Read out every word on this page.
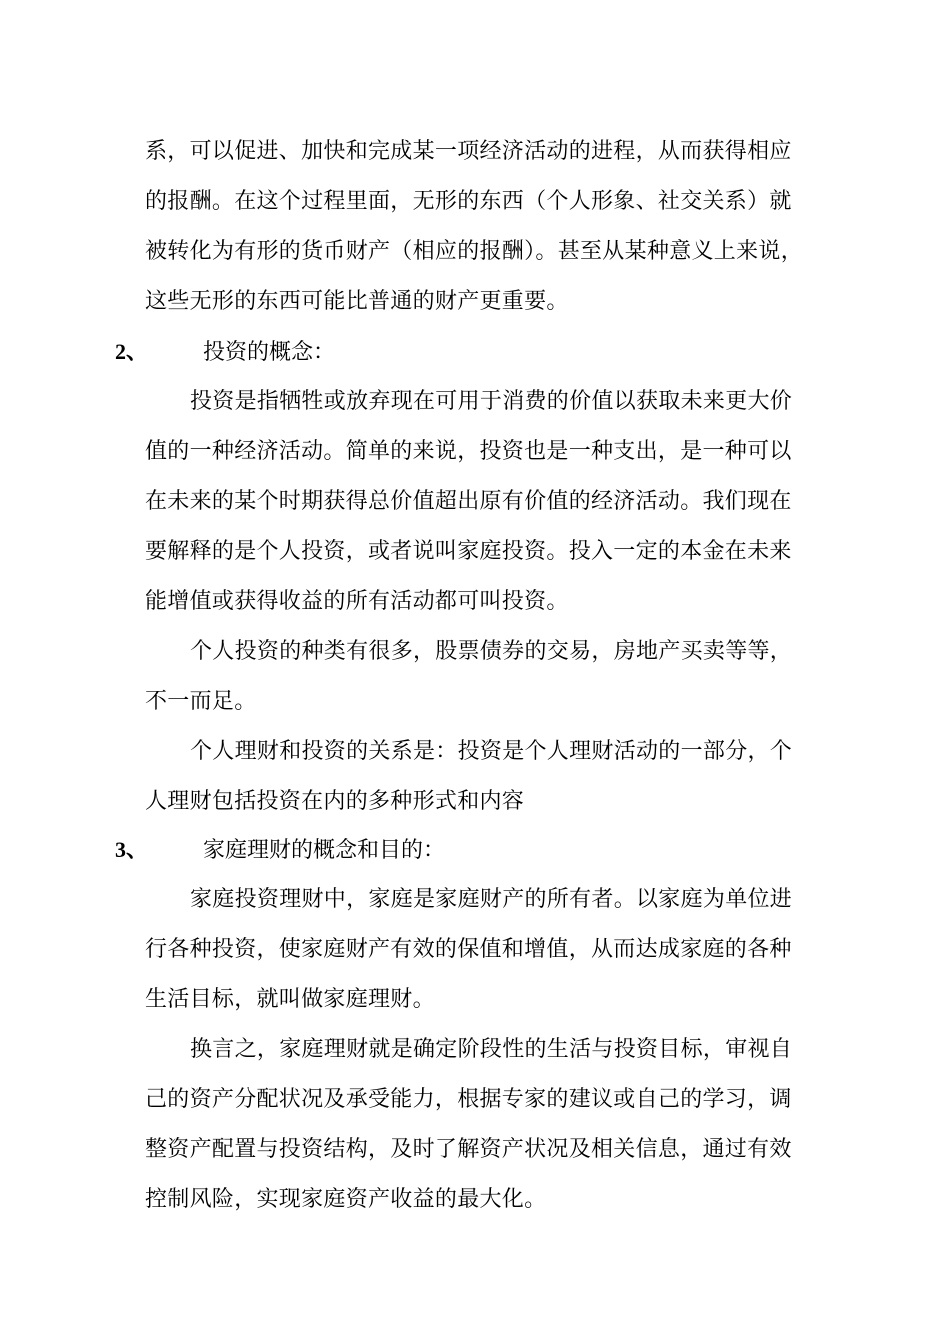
系，可以促进、加快和完成某一项经济活动的进程，从而获得相应
的报酬。在这个过程里面，无形的东西（个人形象、社交关系）就
被转化为有形的货币财产（相应的报酬）。甚至从某种意义上来说，
这些无形的东西可能比普通的财产更重要。
2、 投资的概念：
投资是指牺牲或放弃现在可用于消费的价值以获取未来更大价
值的一种经济活动。简单的来说，投资也是一种支出，是一种可以
在未来的某个时期获得总价值超出原有价值的经济活动。我们现在
要解释的是个人投资，或者说叫家庭投资。投入一定的本金在未来
能增值或获得收益的所有活动都可叫投资。
个人投资的种类有很多，股票债券的交易，房地产买卖等等，
不一而足。
个人理财和投资的关系是：投资是个人理财活动的一部分，个
人理财包括投资在内的多种形式和内容
3、 家庭理财的概念和目的：
家庭投资理财中，家庭是家庭财产的所有者。以家庭为单位进
行各种投资，使家庭财产有效的保值和增值，从而达成家庭的各种
生活目标，就叫做家庭理财。
换言之，家庭理财就是确定阶段性的生活与投资目标，审视自
己的资产分配状况及承受能力，根据专家的建议或自己的学习，调
整资产配置与投资结构，及时了解资产状况及相关信息，通过有效
控制风险，实现家庭资产收益的最大化。
